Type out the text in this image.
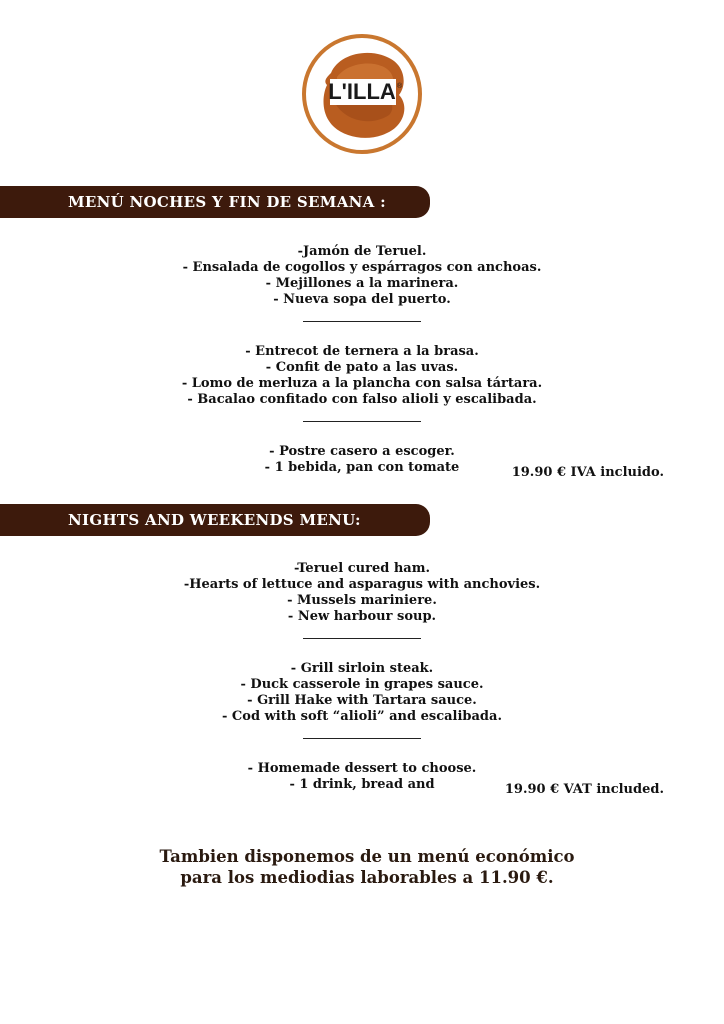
L'ILLA ®
MENÚ NOCHES Y FIN DE SEMANA :
-Jamón de Teruel.
- Ensalada de cogollos y espárragos con anchoas.
- Mejillones a la marinera.
- Nueva sopa del puerto.
- Entrecot de ternera a la brasa.
- Confit de pato a las uvas.
- Lomo de merluza a la plancha con salsa tártara.
- Bacalao confitado con falso alioli y escalibada.
- Postre casero a escoger.
- 1 bebida, pan con tomate	19.90 € IVA incluido.
NIGHTS AND WEEKENDS MENU:
-Teruel cured ham.
-Hearts of lettuce and asparagus with anchovies.
- Mussels mariniere.
- New harbour soup.
- Grill sirloin steak.
- Duck casserole in grapes sauce.
- Grill Hake with Tartara sauce.
- Cod with soft “alioli” and escalibada.
- Homemade dessert to choose.
- 1 drink, bread and	19.90 € VAT included.
Tambien disponemos de un menú económico
para los mediodias laborables a 11.90 €.
